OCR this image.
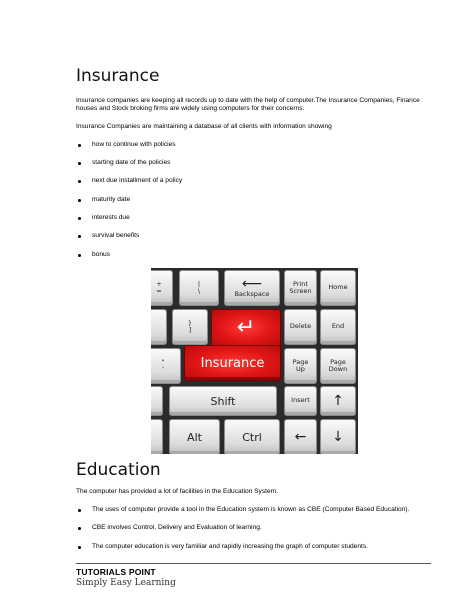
Insurance

Insurance companies are keeping all records up to date with the help of computer.The Insurance Companies, Finance houses and Stock broking firms are widely using computers for their concerns.

Insurance Companies are maintaining a database of all clients with information showing

how to continue with policies
starting date of the policies
next due installment of a policy
maturity date
interests due
survival benefits
bonus
+
=
|
\	⟵
Backspace
Print
Screen	Home
}
]	Delete	End
↵
Insurance
"
'
Page
Up
Page
Down
Shift	Insert ↑
Alt	Ctrl ← ↓
Education

The computer has provided a lot of facilities in the Education System.

The uses of computer provide a tool in the Education system is known as CBE (Computer Based Education).
CBE involves Control, Delivery and Evaluation of learning.
The computer education is very familiar and rapidly increasing the graph of computer students.

TUTORIALS POINT

Simply Easy Learning
